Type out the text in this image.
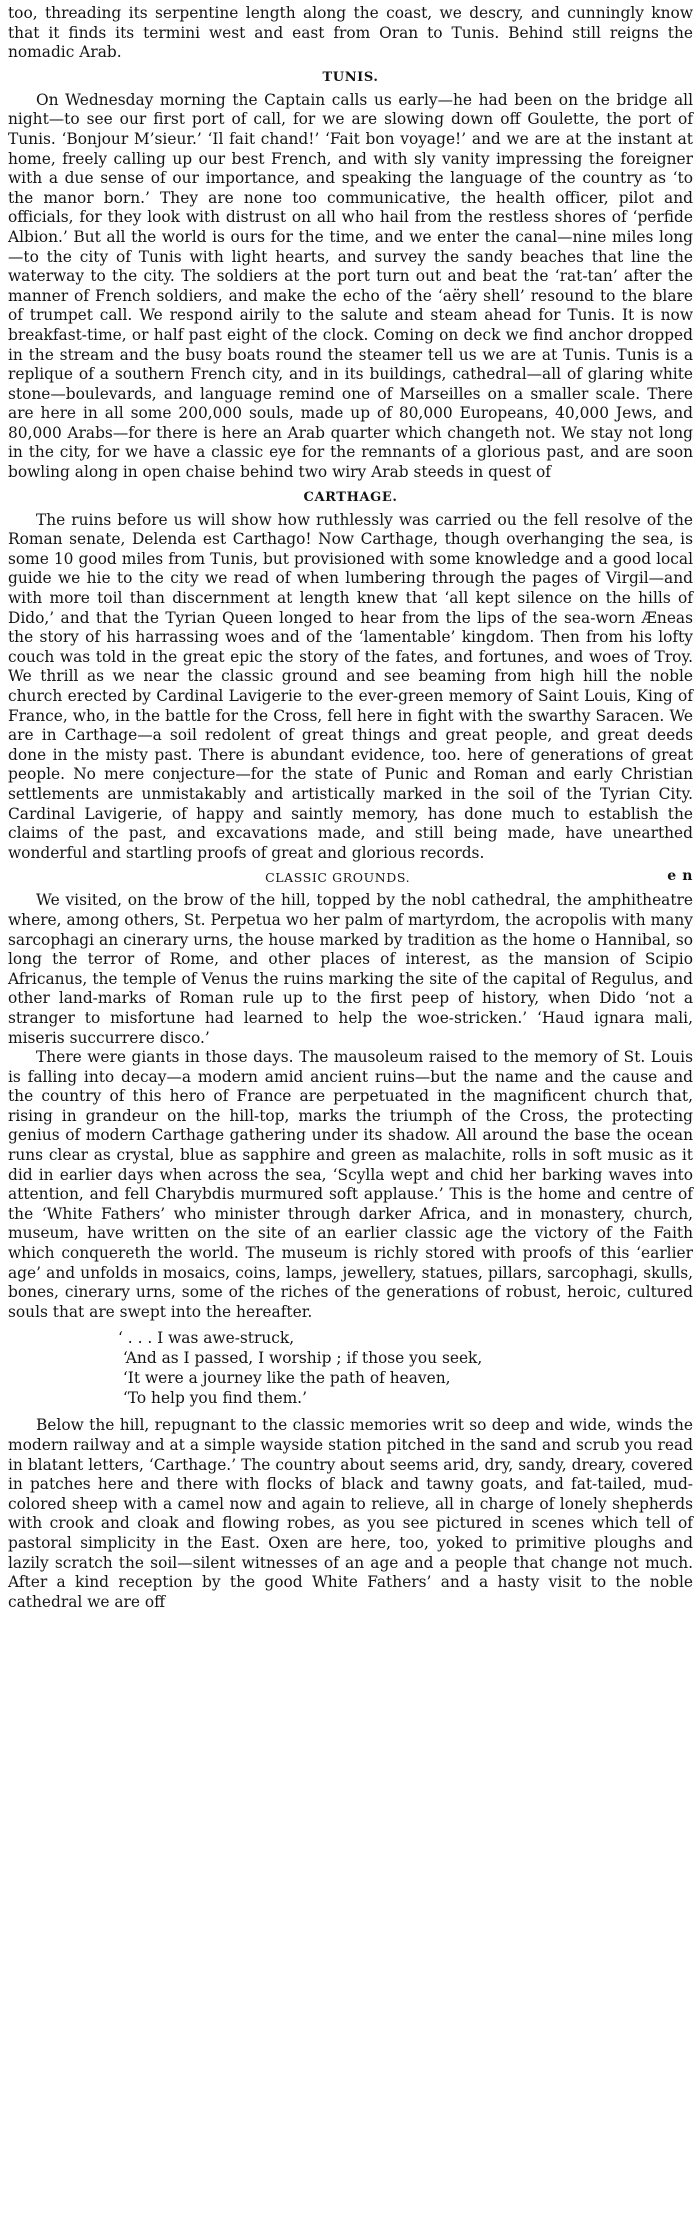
too, threading its serpentine length along the coast, we descry, and cunningly know that it finds its termini west and east from Oran to Tunis. Behind still reigns the nomadic Arab.

TUNIS.

On Wednesday morning the Captain calls us early—he had been on the bridge all night—to see our first port of call, for we are slowing down off Goulette, the port of Tunis. ‘Bonjour M’sieur.’ ‘Il fait chand!’ ‘Fait bon voyage!’ and we are at the instant at home, freely calling up our best French, and with sly vanity impressing the foreigner with a due sense of our importance, and speaking the language of the country as ‘to the manor born.’ They are none too communicative, the health officer, pilot and officials, for they look with distrust on all who hail from the restless shores of ‘perfide Albion.’ But all the world is ours for the time, and we enter the canal—nine miles long—to the city of Tunis with light hearts, and survey the sandy beaches that line the waterway to the city. The soldiers at the port turn out and beat the ‘rat-tan’ after the manner of French soldiers, and make the echo of the ‘aëry shell’ resound to the blare of trumpet call. We respond airily to the salute and steam ahead for Tunis. It is now breakfast-time, or half past eight of the clock. Coming on deck we find anchor dropped in the stream and the busy boats round the steamer tell us we are at Tunis. Tunis is a replique of a southern French city, and in its buildings, cathedral—all of glaring white stone—boulevards, and language remind one of Marseilles on a smaller scale. There are here in all some 200,000 souls, made up of 80,000 Europeans, 40,000 Jews, and 80,000 Arabs—for there is here an Arab quarter which changeth not. We stay not long in the city, for we have a classic eye for the remnants of a glorious past, and are soon bowling along in open chaise behind two wiry Arab steeds in quest of

CARTHAGE.

The ruins before us will show how ruthlessly was carried ou the fell resolve of the Roman senate, Delenda est Carthago! Now Carthage, though overhanging the sea, is some 10 good miles from Tunis, but provisioned with some knowledge and a good local guide we hie to the city we read of when lumbering through the pages of Virgil—and with more toil than discernment at length knew that ‘all kept silence on the hills of Dido,’ and that the Tyrian Queen longed to hear from the lips of the sea-worn Æneas the story of his harrassing woes and of the ‘lamentable’ kingdom. Then from his lofty couch was told in the great epic the story of the fates, and fortunes, and woes of Troy. We thrill as we near the classic ground and see beaming from high hill the noble church erected by Cardinal Lavigerie to the ever-green memory of Saint Louis, King of France, who, in the battle for the Cross, fell here in fight with the swarthy Saracen. We are in Carthage—a soil redolent of great things and great people, and great deeds done in the misty past. There is abundant evidence, too. here of generations of great people. No mere conjecture—for the state of Punic and Roman and early Christian settlements are unmistakably and artistically marked in the soil of the Tyrian City. Cardinal Lavigerie, of happy and saintly memory, has done much to establish the claims of the past, and excavations made, and still being made, have unearthed wonderful and startling proofs of great and glorious records.

e n
CLASSIC GROUNDS.

We visited, on the brow of the hill, topped by the nobl cathedral, the amphitheatre where, among others, St. Perpetua wo her palm of martyrdom, the acropolis with many sarcophagi an cinerary urns, the house marked by tradition as the home o Hannibal, so long the terror of Rome, and other places of interest, as the mansion of Scipio Africanus, the temple of Venus the ruins marking the site of the capital of Regulus, and other land-marks of Roman rule up to the first peep of history, when Dido ‘not a stranger to misfortune had learned to help the woe-stricken.’ ‘Haud ignara mali, miseris succurrere disco.’

There were giants in those days. The mausoleum raised to the memory of St. Louis is falling into decay—a modern amid ancient ruins—but the name and the cause and the country of this hero of France are perpetuated in the magnificent church that, rising in grandeur on the hill-top, marks the triumph of the Cross, the protecting genius of modern Carthage gathering under its shadow. All around the base the ocean runs clear as crystal, blue as sapphire and green as malachite, rolls in soft music as it did in earlier days when across the sea, ‘Scylla wept and chid her barking waves into attention, and fell Charybdis murmured soft applause.’ This is the home and centre of the ‘White Fathers’ who minister through darker Africa, and in monastery, church, museum, have written on the site of an earlier classic age the victory of the Faith which conquereth the world. The museum is richly stored with proofs of this ‘earlier age’ and unfolds in mosaics, coins, lamps, jewellery, statues, pillars, sarcophagi, skulls, bones, cinerary urns, some of the riches of the generations of robust, heroic, cultured souls that are swept into the hereafter.

‘ . . . I was awe-struck,
‘And as I passed, I worship ; if those you seek,
‘It were a journey like the path of heaven,
‘To help you find them.’

Below the hill, repugnant to the classic memories writ so deep and wide, winds the modern railway and at a simple wayside station pitched in the sand and scrub you read in blatant letters, ‘Carthage.’ The country about seems arid, dry, sandy, dreary, covered in patches here and there with flocks of black and tawny goats, and fat-tailed, mud-colored sheep with a camel now and again to relieve, all in charge of lonely shepherds with crook and cloak and flowing robes, as you see pictured in scenes which tell of pastoral simplicity in the East. Oxen are here, too, yoked to primitive ploughs and lazily scratch the soil—silent witnesses of an age and a people that change not much. After a kind reception by the good White Fathers’ and a hasty visit to the noble cathedral we are off
